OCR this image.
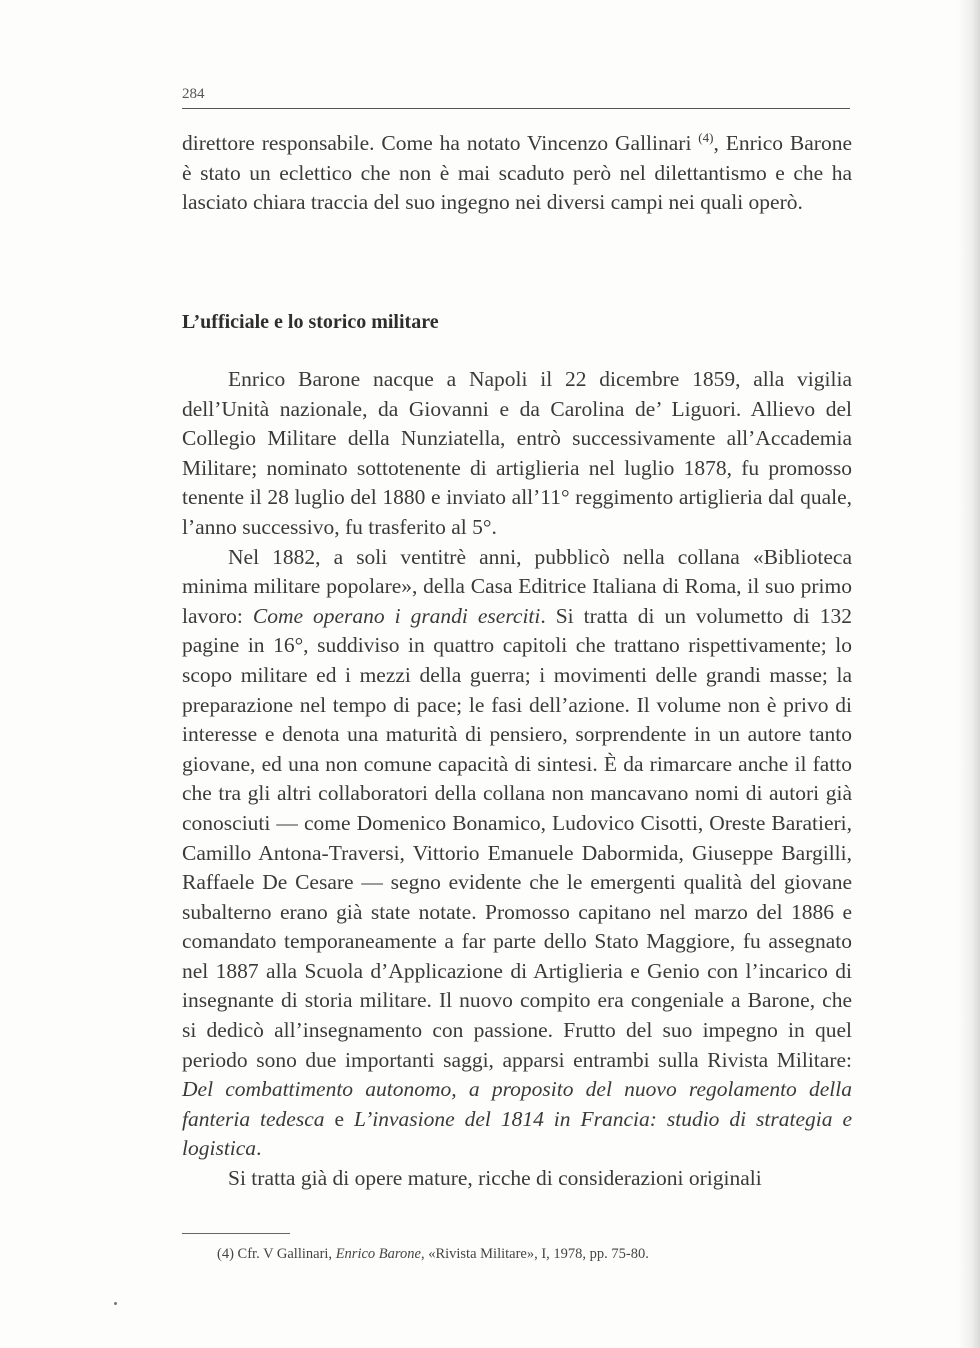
284

direttore responsabile. Come ha notato Vincenzo Gallinari $^{(4)}$, Enrico Barone è stato un eclettico che non è mai scaduto però nel dilettantismo e che ha lasciato chiara traccia del suo ingegno nei diversi campi nei quali operò.

L’ufficiale e lo storico militare

Enrico Barone nacque a Napoli il 22 dicembre 1859, alla vigilia dell’Unità nazionale, da Giovanni e da Carolina de’ Liguori. Allievo del Collegio Militare della Nunziatella, entrò successivamente all’Accademia Militare; nominato sottotenente di artiglieria nel luglio 1878, fu promosso tenente il 28 luglio del 1880 e inviato all’11° reggimento artiglieria dal quale, l’anno successivo, fu trasferito al 5°.

Nel 1882, a soli ventitrè anni, pubblicò nella collana «Biblioteca minima militare popolare», della Casa Editrice Italiana di Roma, il suo primo lavoro: Come operano i grandi eserciti. Si tratta di un volumetto di 132 pagine in 16°, suddiviso in quattro capitoli che trattano rispettivamente; lo scopo militare ed i mezzi della guerra; i movimenti delle grandi masse; la preparazione nel tempo di pace; le fasi dell’azione. Il volume non è privo di interesse e denota una maturità di pensiero, sorprendente in un autore tanto giovane, ed una non comune capacità di sintesi. È da rimarcare anche il fatto che tra gli altri collaboratori della collana non mancavano nomi di autori già conosciuti — come Domenico Bonamico, Ludovico Cisotti, Oreste Baratieri, Camillo Antona-Traversi, Vittorio Emanuele Dabormida, Giuseppe Bargilli, Raffaele De Cesare — segno evidente che le emergenti qualità del giovane subalterno erano già state notate. Promosso capitano nel marzo del 1886 e comandato temporaneamente a far parte dello Stato Maggiore, fu assegnato nel 1887 alla Scuola d’Applicazione di Artiglieria e Genio con l’incarico di insegnante di storia militare. Il nuovo compito era congeniale a Barone, che si dedicò all’insegnamento con passione. Frutto del suo impegno in quel periodo sono due importanti saggi, apparsi entrambi sulla Rivista Militare: Del combattimento autonomo, a proposito del nuovo regolamento della fanteria tedesca e L’invasione del 1814 in Francia: studio di strategia e logistica.

Si tratta già di opere mature, ricche di considerazioni originali

(4) Cfr. V Gallinari, Enrico Barone, «Rivista Militare», I, 1978, pp. 75-80.
